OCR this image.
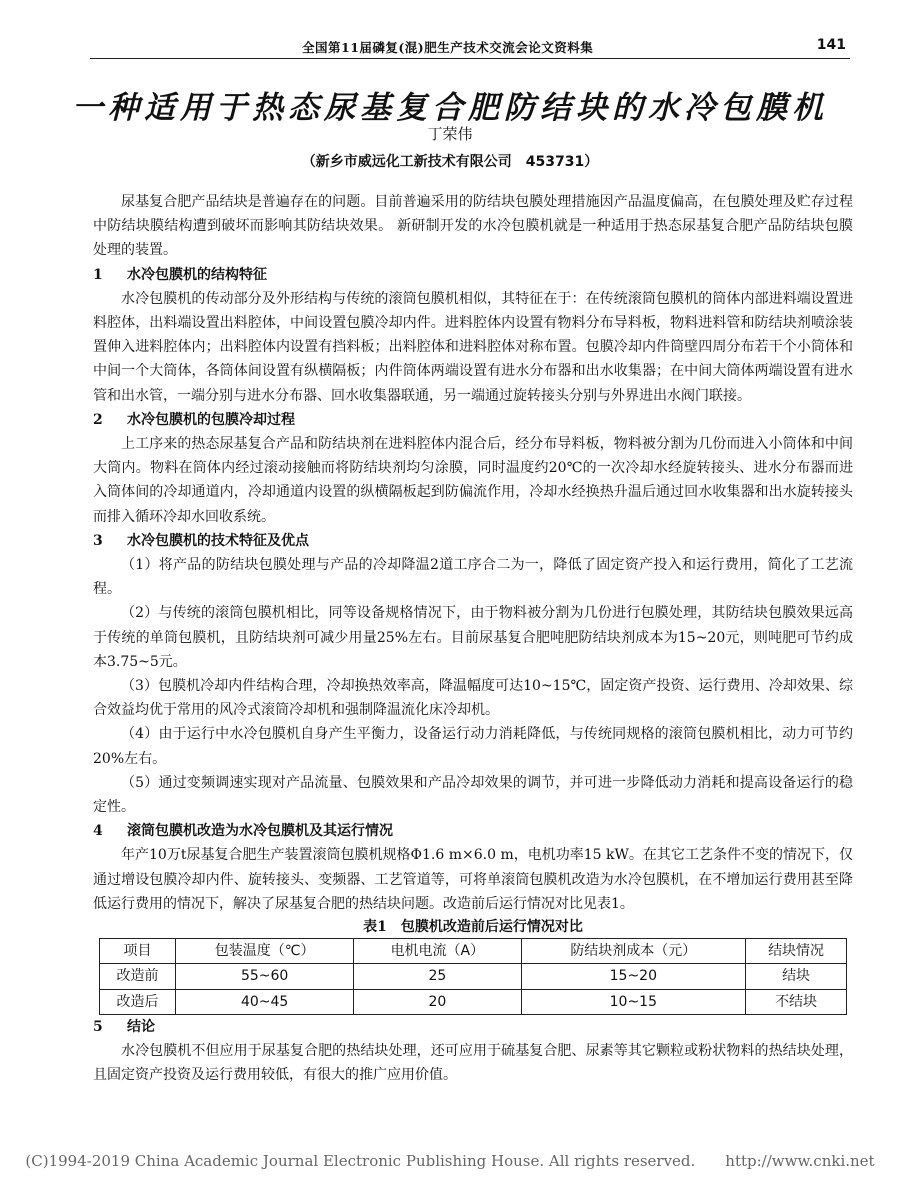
全国第11届磷复(混)肥生产技术交流会论文资料集	141
一种适用于热态尿基复合肥防结块的水冷包膜机
丁荣伟
（新乡市威远化工新技术有限公司　453731）

尿基复合肥产品结块是普遍存在的问题。目前普遍采用的防结块包膜处理措施因产品温度偏高，在包膜处理及贮存过程中防结块膜结构遭到破坏而影响其防结块效果。 新研制开发的水冷包膜机就是一种适用于热态尿基复合肥产品防结块包膜处理的装置。

1 水冷包膜机的结构特征

水冷包膜机的传动部分及外形结构与传统的滚筒包膜机相似，其特征在于：在传统滚筒包膜机的筒体内部进料端设置进料腔体，出料端设置出料腔体，中间设置包膜冷却内件。进料腔体内设置有物料分布导料板，物料进料管和防结块剂喷涂装置伸入进料腔体内；出料腔体内设置有挡料板；出料腔体和进料腔体对称布置。包膜冷却内件筒壁四周分布若干个小筒体和中间一个大筒体，各筒体间设置有纵横隔板；内件筒体两端设置有进水分布器和出水收集器；在中间大筒体两端设置有进水管和出水管，一端分别与进水分布器、回水收集器联通，另一端通过旋转接头分别与外界进出水阀门联接。

2 水冷包膜机的包膜冷却过程

上工序来的热态尿基复合产品和防结块剂在进料腔体内混合后，经分布导料板，物料被分割为几份而进入小筒体和中间大筒内。物料在筒体内经过滚动接触而将防结块剂均匀涂膜，同时温度约20℃的一次冷却水经旋转接头、进水分布器而进入筒体间的冷却通道内，冷却通道内设置的纵横隔板起到防偏流作用，冷却水经换热升温后通过回水收集器和出水旋转接头而排入循环冷却水回收系统。

3 水冷包膜机的技术特征及优点

（1）将产品的防结块包膜处理与产品的冷却降温2道工序合二为一，降低了固定资产投入和运行费用，简化了工艺流程。

（2）与传统的滚筒包膜机相比，同等设备规格情况下，由于物料被分割为几份进行包膜处理，其防结块包膜效果远高于传统的单筒包膜机，且防结块剂可减少用量25%左右。目前尿基复合肥吨肥防结块剂成本为15~20元，则吨肥可节约成本3.75~5元。

（3）包膜机冷却内件结构合理，冷却换热效率高，降温幅度可达10~15℃，固定资产投资、运行费用、冷却效果、综合效益均优于常用的风冷式滚筒冷却机和强制降温流化床冷却机。

（4）由于运行中水冷包膜机自身产生平衡力，设备运行动力消耗降低，与传统同规格的滚筒包膜机相比，动力可节约20%左右。

（5）通过变频调速实现对产品流量、包膜效果和产品冷却效果的调节，并可进一步降低动力消耗和提高设备运行的稳定性。

4 滚筒包膜机改造为水冷包膜机及其运行情况

年产10万t尿基复合肥生产装置滚筒包膜机规格Φ1.6 m×6.0 m，电机功率15 kW。在其它工艺条件不变的情况下，仅通过增设包膜冷却内件、旋转接头、变频器、工艺管道等，可将单滚筒包膜机改造为水冷包膜机，在不增加运行费用甚至降低运行费用的情况下，解决了尿基复合肥的热结块问题。改造前后运行情况对比见表1。

表1　包膜机改造前后运行情况对比
项目	包装温度（℃）	电机电流（A）	防结块剂成本（元）	结块情况
改造前	55~60	25	15~20	结块
改造后	40~45	20	10~15	不结块
5 结论

水冷包膜机不但应用于尿基复合肥的热结块处理，还可应用于硫基复合肥、尿素等其它颗粒或粉状物料的热结块处理，且固定资产投资及运行费用较低，有很大的推广应用价值。

(C)1994-2019 China Academic Journal Electronic Publishing House. All rights reserved.　　http://www.cnki.net
